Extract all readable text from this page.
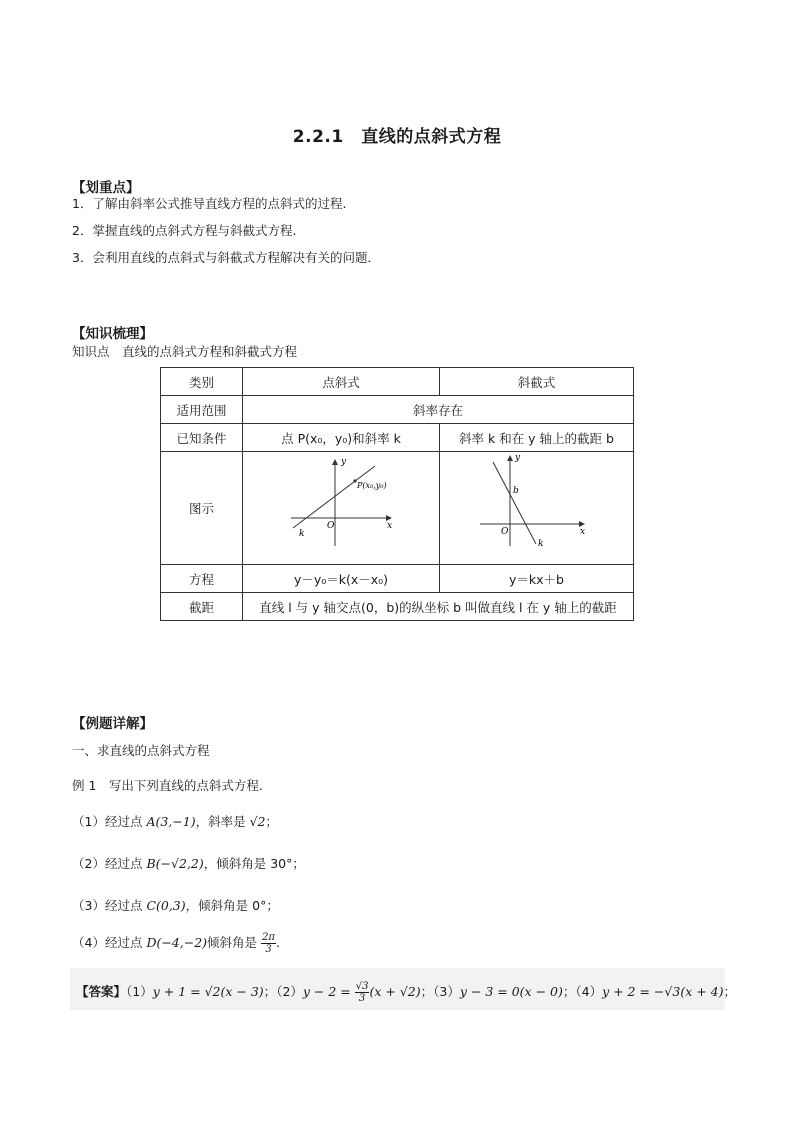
2.2.1　直线的点斜式方程
【划重点】
1．了解由斜率公式推导直线方程的点斜式的过程.
2．掌握直线的点斜式方程与斜截式方程.
3．会利用直线的点斜式与斜截式方程解决有关的问题．
【知识梳理】
知识点　直线的点斜式方程和斜截式方程
类别	点斜式	斜截式
适用范围	斜率存在	
已知条件	点 P(x₀，y₀)和斜率 k	斜率 k 和在 y 轴上的截距 b
图示	y
x
O
P(x₀,y₀)
k	y
x
O
b
k

方程	y－y₀＝k(x－x₀)	y＝kx＋b
截距	直线 l 与 y 轴交点(0，b)的纵坐标 b 叫做直线 l 在 y 轴上的截距	
【例题详解】
一、求直线的点斜式方程
例 1　写出下列直线的点斜式方程.
（1）经过点 A(3,−1)，斜率是 √2；
（2）经过点 B(−√2,2)，倾斜角是 30°；
（3）经过点 C(0,3)，倾斜角是 0°；
（4）经过点 D(−4,−2)倾斜角是 $\frac{2\pi}{3}$ .
【答案】（1）y + 1 = √2(x − 3)；$(2)y - 2 = \frac{√3}{3} (x + √2)$；（3）y − 3 = 0(x − 0)；（4）y + 2 = −√3(x + 4)；
